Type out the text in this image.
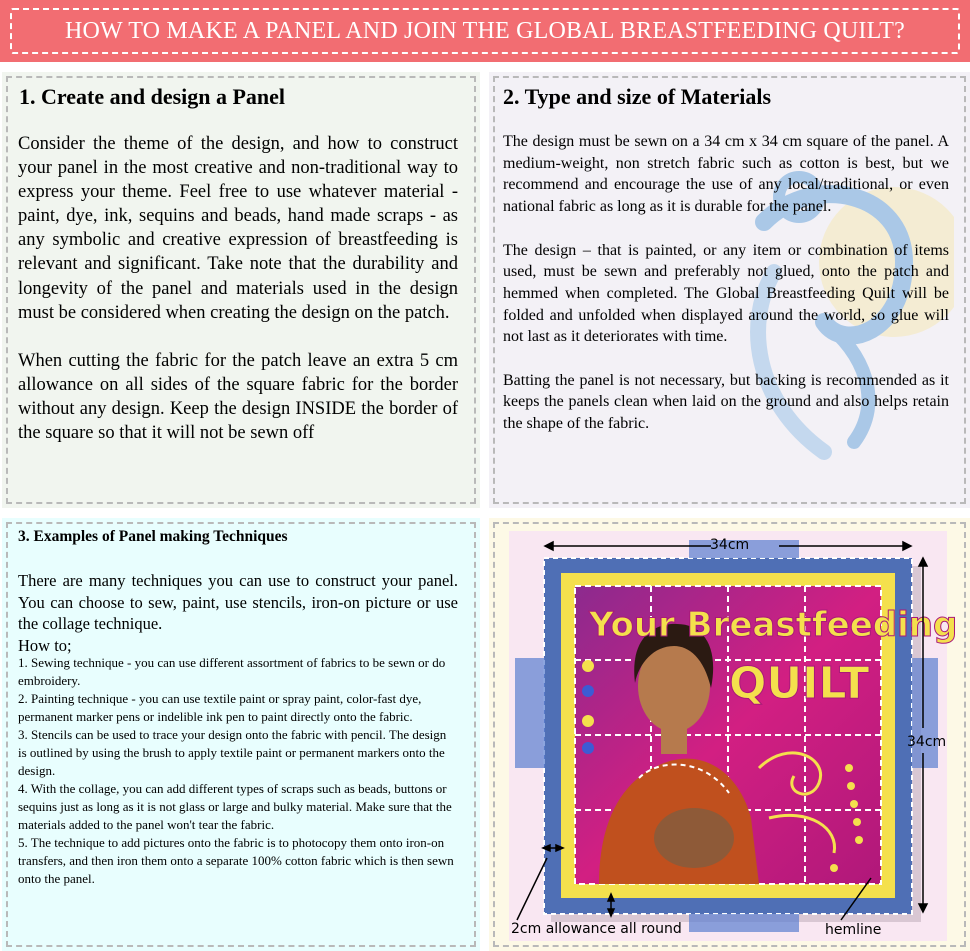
HOW TO MAKE A PANEL AND JOIN THE GLOBAL BREASTFEEDING QUILT?
1. Create and design a Panel

Consider the theme of the design, and how to construct your panel in the most creative and non-traditional way to express your theme. Feel free to use whatever material - paint, dye, ink, sequins and beads, hand made scraps - as any symbolic and creative expression of breastfeeding is relevant and significant. Take note that the durability and longevity of the panel and materials used in the design must be considered when creating the design on the patch.

When cutting the fabric for the patch leave an extra 5 cm allowance on all sides of the square fabric for the border without any design. Keep the design INSIDE the border of the square so that it will not be sewn off

2. Type and size of Materials

The design must be sewn on a 34 cm x 34 cm square of the panel. A medium-weight, non stretch fabric such as cotton is best, but we recommend and encourage the use of any local/traditional, or even national fabric as long as it is durable for the panel.

The design – that is painted, or any item or combination of items used, must be sewn and preferably not glued, onto the patch and hemmed when completed. The Global Breastfeeding Quilt will be folded and unfolded when displayed around the world, so glue will not last as it deteriorates with time.

Batting the panel is not necessary, but backing is recommended as it keeps the panels clean when laid on the ground and also helps retain the shape of the fabric.

3. Examples of Panel making Techniques
There are many techniques you can use to construct your panel. You can choose to sew, paint, use stencils, iron-on picture or use the collage technique.
How to;
1. Sewing technique - you can use different assortment of fabrics to be sewn or do embroidery.
2. Painting technique - you can use textile paint or spray paint, color-fast dye, permanent marker pens or indelible ink pen to paint directly onto the fabric.
3. Stencils can be used to trace your design onto the fabric with pencil. The design is outlined by using the brush to apply textile paint or permanent markers onto the design.
4. With the collage, you can add different types of scraps such as beads, buttons or sequins just as long as it is not glass or large and bulky material. Make sure that the materials added to the panel won't tear the fabric.
5. The technique to add pictures onto the fabric is to photocopy them onto iron-on transfers, and then iron them onto a separate 100% cotton fabric which is then sewn onto the panel.
Your Breastfeeding
QUILT
34cm
34cm
2cm allowance all round	hemline
